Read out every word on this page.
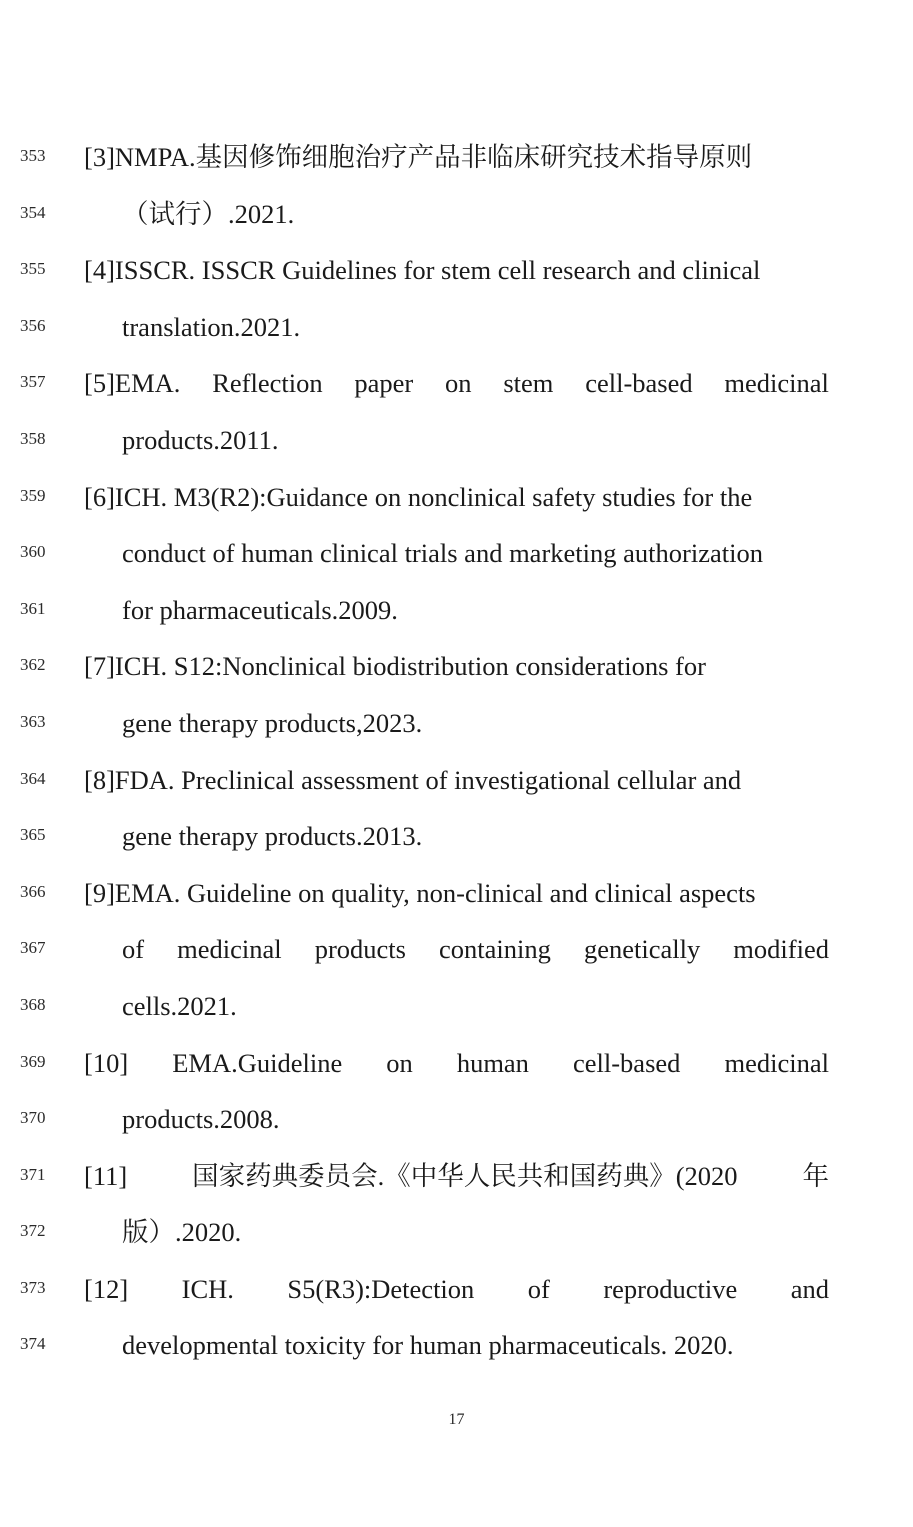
353	[3]NMPA.基因修饰细胞治疗产品非临床研究技术指导原则
354	（试行）.2021.
355	[4]ISSCR. ISSCR Guidelines for stem cell research and clinical
356	translation.2021.
357	[5]EMA. Reflection paper on stem cell-based medicinal
358	products.2011.
359	[6]ICH. M3(R2):Guidance on nonclinical safety studies for the
360	conduct of human clinical trials and marketing authorization
361	for pharmaceuticals.2009.
362	[7]ICH. S12:Nonclinical biodistribution considerations for
363	gene therapy products,2023.
364	[8]FDA. Preclinical assessment of investigational cellular and
365	gene therapy products.2013.
366	[9]EMA. Guideline on quality, non-clinical and clinical aspects
367	of medicinal products containing genetically modified
368	cells.2021.
369	[10] EMA.Guideline on human cell-based medicinal
370	products.2008.
371	[11] 国家药典委员会.《中华人民共和国药典》(2020 年
372	版）.2020.
373	[12] ICH. S5(R3):Detection of reproductive and
374	developmental toxicity for human pharmaceuticals. 2020.
17
